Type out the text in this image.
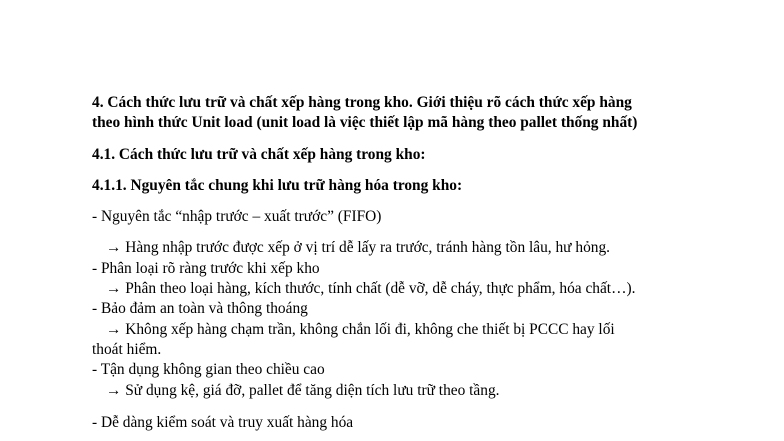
4. Cách thức lưu trữ và chất xếp hàng trong kho. Giới thiệu rõ cách thức xếp hàng
theo hình thức Unit load (unit load là việc thiết lập mã hàng theo pallet thống nhất)
4.1. Cách thức lưu trữ và chất xếp hàng trong kho:
4.1.1. Nguyên tắc chung khi lưu trữ hàng hóa trong kho:
- Nguyên tắc “nhập trước – xuất trước” (FIFO)
→ Hàng nhập trước được xếp ở vị trí dễ lấy ra trước, tránh hàng tồn lâu, hư hỏng.
- Phân loại rõ ràng trước khi xếp kho
→ Phân theo loại hàng, kích thước, tính chất (dễ vỡ, dễ cháy, thực phẩm, hóa chất…).
- Bảo đảm an toàn và thông thoáng
→ Không xếp hàng chạm trần, không chắn lối đi, không che thiết bị PCCC hay lối
thoát hiểm.
- Tận dụng không gian theo chiều cao
→ Sử dụng kệ, giá đỡ, pallet để tăng diện tích lưu trữ theo tầng.
- Dễ dàng kiểm soát và truy xuất hàng hóa
